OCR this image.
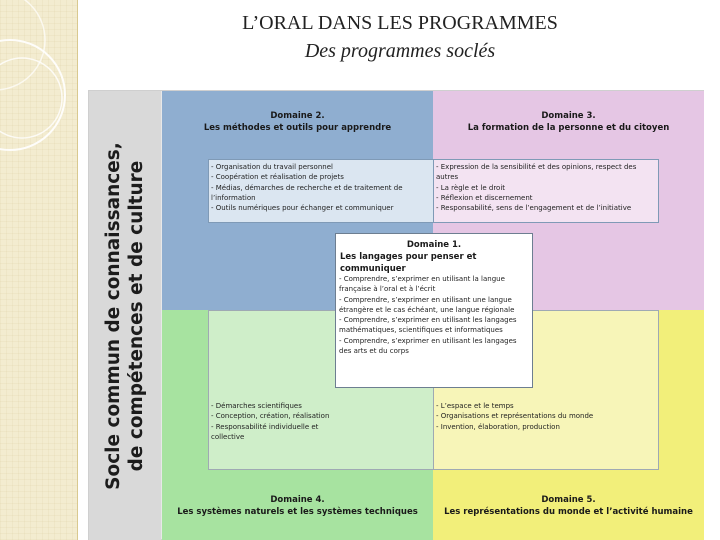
L’ORAL DANS LES PROGRAMMES
Des programmes soclés
Socle commun de connaissances, de compétences et de culture
Domaine 2.
Les méthodes et outils pour apprendre
Domaine 3.
La formation de la personne et du citoyen
Domaine 4.
Les systèmes naturels et les systèmes techniques
Domaine 5.
Les représentations du monde et l’activité humaine
- Organisation du travail personnel
- Coopération et réalisation de projets
- Médias, démarches de recherche et de traitement de l’information
- Outils numériques pour échanger et communiquer
- Expression de la sensibilité et des opinions, respect des autres
- La règle et le droit
- Réflexion et discernement
- Responsabilité, sens de l’engagement et de l’initiative
- Démarches scientifiques
- Conception, création, réalisation
- Responsabilité individuelle et collective
- L’espace et le temps
- Organisations et représentations du monde
- Invention, élaboration, production
Domaine 1.
Les langages pour penser et communiquer
- Comprendre, s’exprimer en utilisant la langue française à l’oral et à l’écrit
- Comprendre, s’exprimer en utilisant une langue étrangère et le cas échéant, une langue régionale
- Comprendre, s’exprimer en utilisant les langages mathématiques, scientifiques et informatiques
- Comprendre, s’exprimer en utilisant les langages des arts et du corps
